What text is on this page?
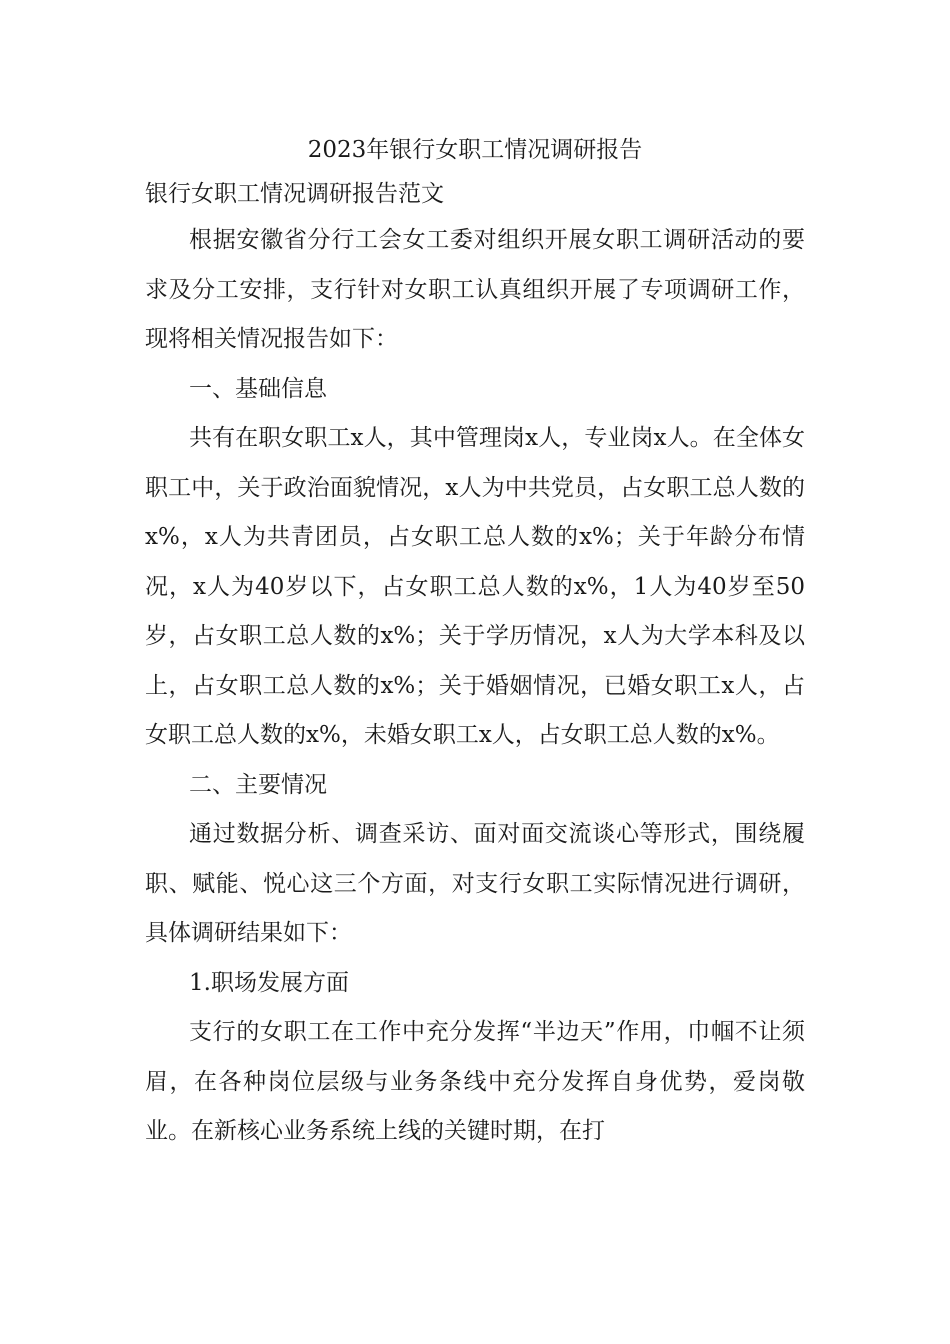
2023年银行女职工情况调研报告

银行女职工情况调研报告范文

根据安徽省分行工会女工委对组织开展女职工调研活动的要求及分工安排，支行针对女职工认真组织开展了专项调研工作，现将相关情况报告如下：

一、基础信息

共有在职女职工x人，其中管理岗x人，专业岗x人。在全体女职工中，关于政治面貌情况，x人为中共党员，占女职工总人数的x%，x人为共青团员，占女职工总人数的x%；关于年龄分布情况，x人为40岁以下，占女职工总人数的x%，1人为40岁至50岁，占女职工总人数的x%；关于学历情况，x人为大学本科及以上，占女职工总人数的x%；关于婚姻情况，已婚女职工x人，占女职工总人数的x%，未婚女职工x人，占女职工总人数的x%。

二、主要情况

通过数据分析、调查采访、面对面交流谈心等形式，围绕履职、赋能、悦心这三个方面，对支行女职工实际情况进行调研，具体调研结果如下：

1.职场发展方面

支行的女职工在工作中充分发挥“半边天”作用，巾帼不让须眉，在各种岗位层级与业务条线中充分发挥自身优势，爱岗敬业。在新核心业务系统上线的关键时期，在打
